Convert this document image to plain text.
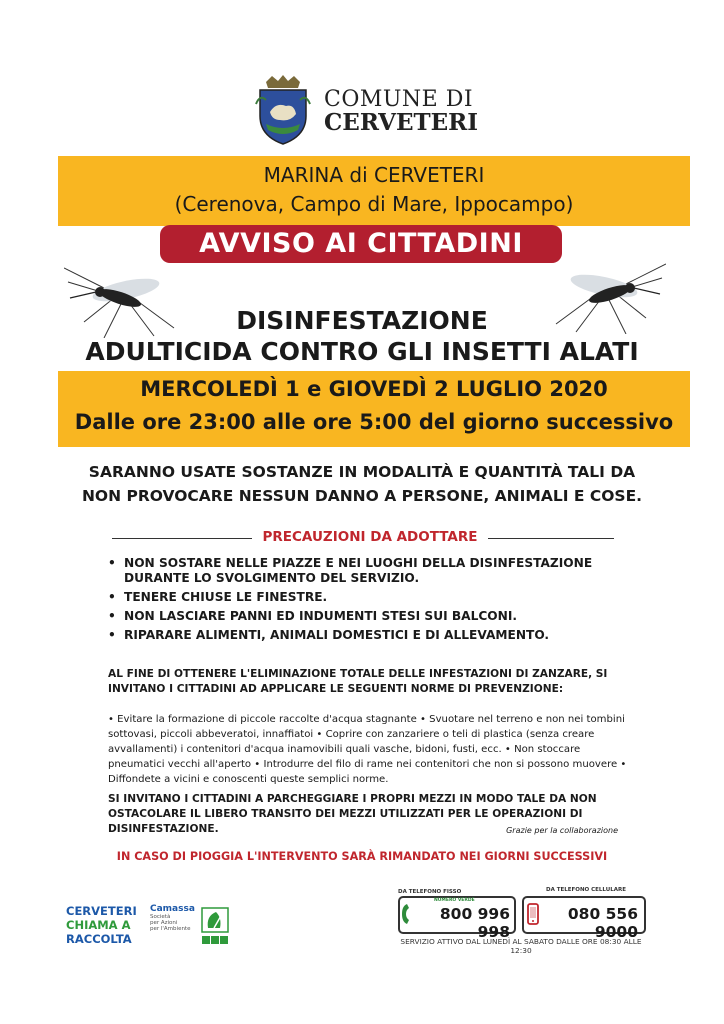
COMUNE DI
CERVETERI
MARINA di CERVETERI
(Cerenova, Campo di Mare, Ippocampo)
AVVISO AI CITTADINI
DISINFESTAZIONE
ADULTICIDA CONTRO GLI INSETTI ALATI
MERCOLEDÌ 1 e GIOVEDÌ 2 LUGLIO 2020
Dalle ore 23:00 alle ore 5:00 del giorno successivo
SARANNO USATE SOSTANZE IN MODALITÀ E QUANTITÀ TALI DA
NON PROVOCARE NESSUN DANNO A PERSONE, ANIMALI E COSE.
PRECAUZIONI DA ADOTTARE
• NON SOSTARE NELLE PIAZZE E NEI LUOGHI DELLA DISINFESTAZIONE DURANTE LO SVOLGIMENTO DEL SERVIZIO.
• TENERE CHIUSE LE FINESTRE.
• NON LASCIARE PANNI ED INDUMENTI STESI SUI BALCONI.
• RIPARARE ALIMENTI, ANIMALI DOMESTICI E DI ALLEVAMENTO.
AL FINE DI OTTENERE L'ELIMINAZIONE TOTALE DELLE INFESTAZIONI DI ZANZARE, SI INVITANO I CITTADINI AD APPLICARE LE SEGUENTI NORME DI PREVENZIONE:
• Evitare la formazione di piccole raccolte d'acqua stagnante • Svuotare nel terreno e non nei tombini sottovasi, piccoli abbeveratoi, innaffiatoi • Coprire con zanzariere o teli di plastica (senza creare avvallamenti) i contenitori d'acqua inamovibili quali vasche, bidoni, fusti, ecc. • Non stoccare pneumatici vecchi all'aperto • Introdurre del filo di rame nei contenitori che non si possono muovere • Diffondete a vicini e conoscenti queste semplici norme.
SI INVITANO I CITTADINI A PARCHEGGIARE I PROPRI MEZZI IN MODO TALE DA NON OSTACOLARE IL LIBERO TRANSITO DEI MEZZI UTILIZZATI PER LE OPERAZIONI DI DISINFESTAZIONE.	Grazie per la collaborazione
IN CASO DI PIOGGIA L'INTERVENTO SARÀ RIMANDATO NEI GIORNI SUCCESSIVI
CERVETERI
CHIAMA A
RACCOLTA
Camassa
Società
per Azioni
per l'Ambiente
DA TELEFONO FISSO
NUMERO VERDE
800 996 998
DA TELEFONO CELLULARE
080 556 9000
SERVIZIO ATTIVO DAL LUNEDÌ AL SABATO DALLE ORE 08:30 ALLE 12:30
